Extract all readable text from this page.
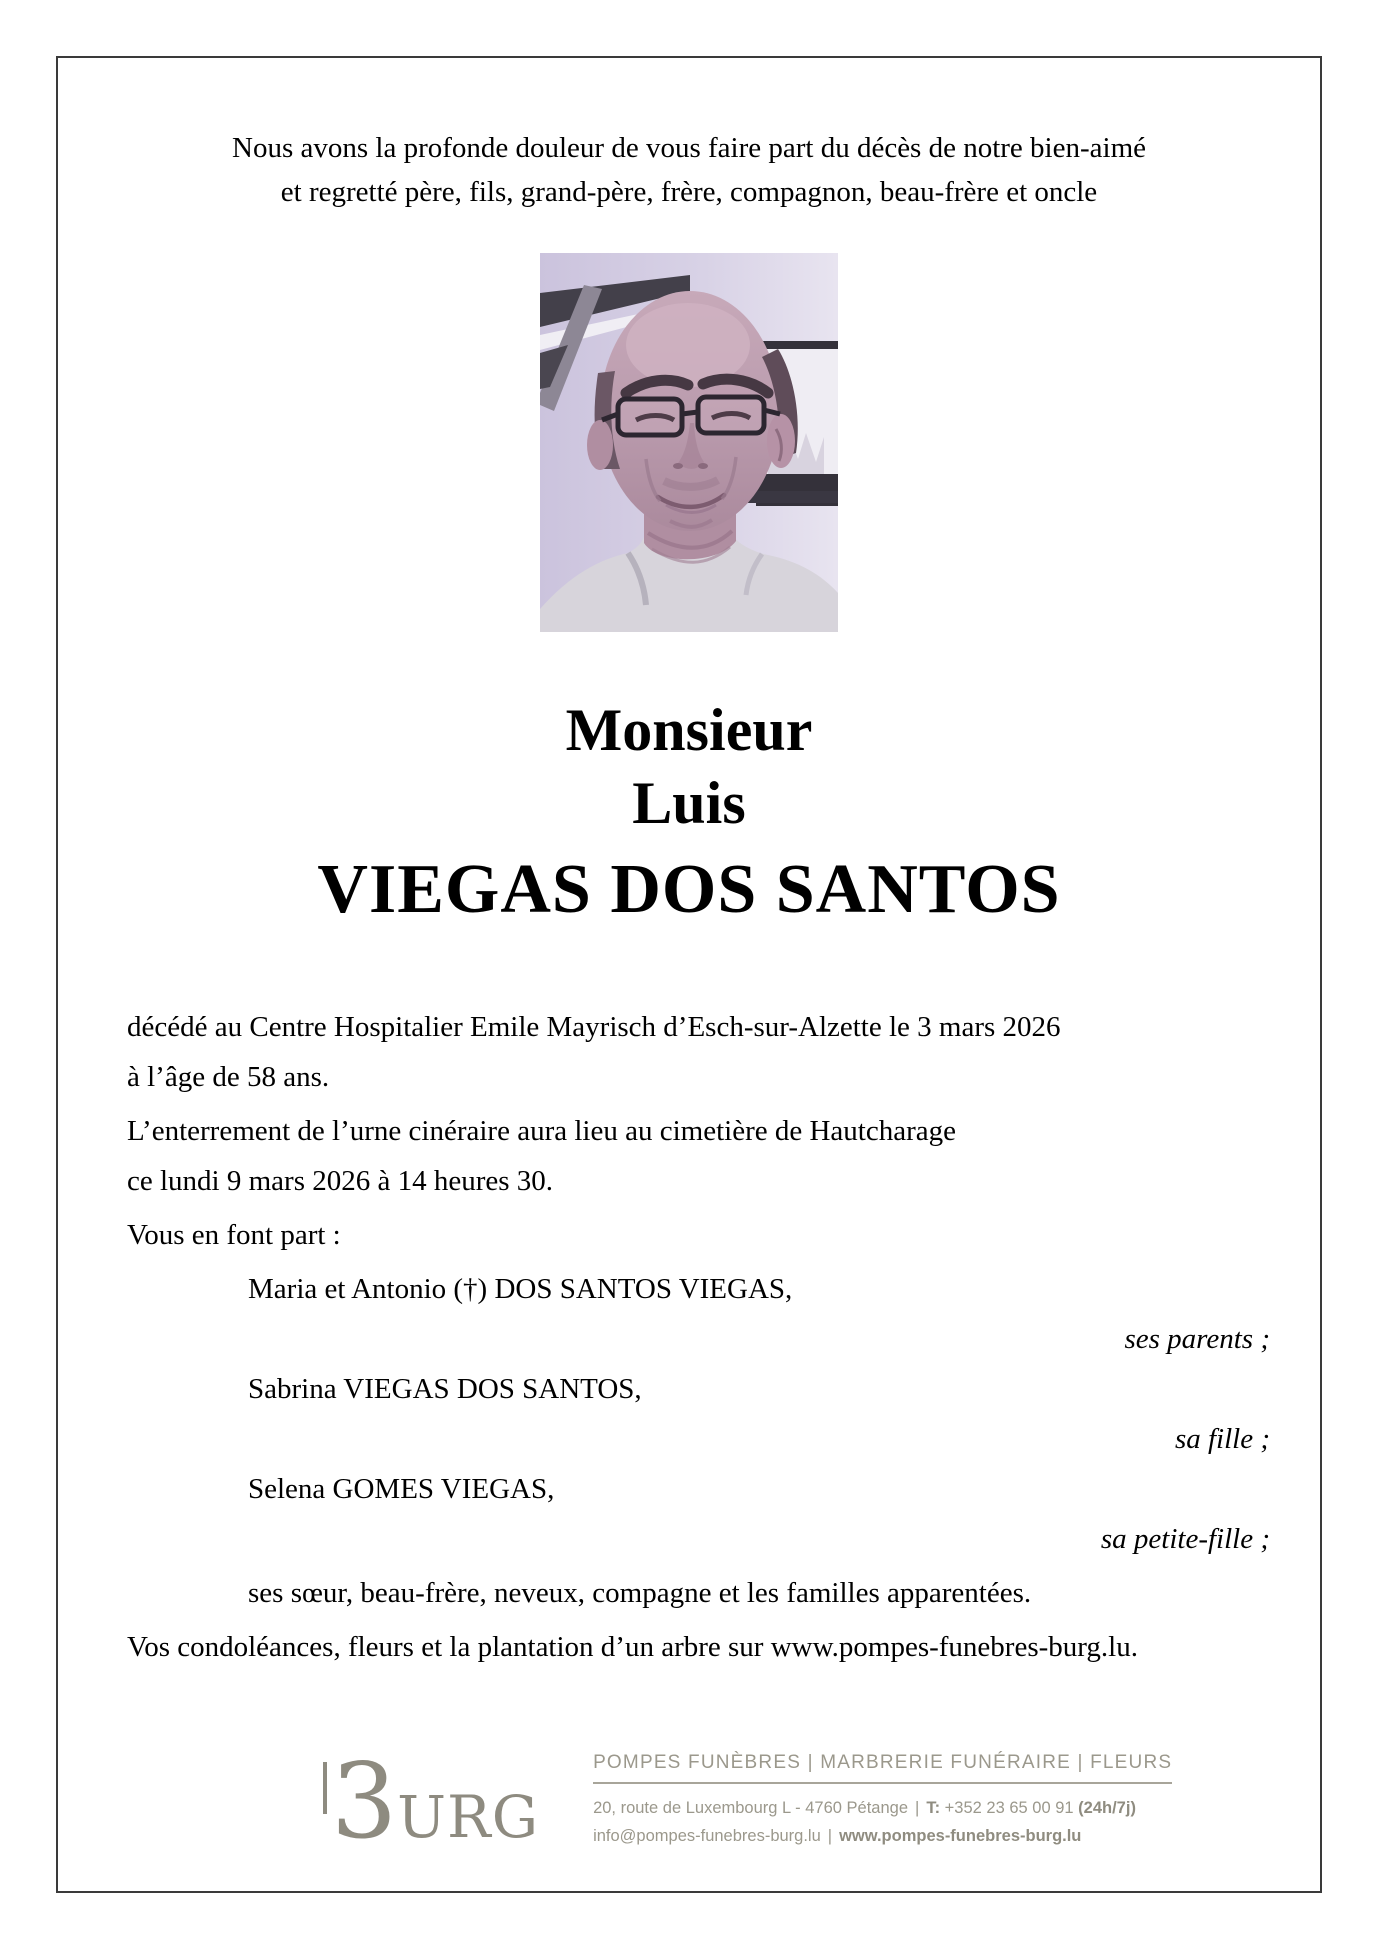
Nous avons la profonde douleur de vous faire part du décès de notre bien-aimé
et regretté père, fils, grand-père, frère, compagnon, beau-frère et oncle
Monsieur
Luis
VIEGAS DOS SANTOS
décédé au Centre Hospitalier Emile Mayrisch d’Esch-sur-Alzette le 3 mars 2026
à l’âge de 58 ans.
L’enterrement de l’urne cinéraire aura lieu au cimetière de Hautcharage
ce lundi 9 mars 2026 à 14 heures 30.
Vous en font part :
Maria et Antonio (†) DOS SANTOS VIEGAS,
ses parents ;
Sabrina VIEGAS DOS SANTOS,
sa fille ;
Selena GOMES VIEGAS,
sa petite-fille ;
ses sœur, beau-frère, neveux, compagne et les familles apparentées.
Vos condoléances, fleurs et la plantation d’un arbre sur www.pompes-funebres-burg.lu.
3 URG
POMPES FUNÈBRES | MARBRERIE FUNÉRAIRE | FLEURS
20, route de Luxembourg L - 4760 Pétange | T: +352 23 65 00 91 (24h/7j)
info@pompes-funebres-burg.lu | www.pompes-funebres-burg.lu
